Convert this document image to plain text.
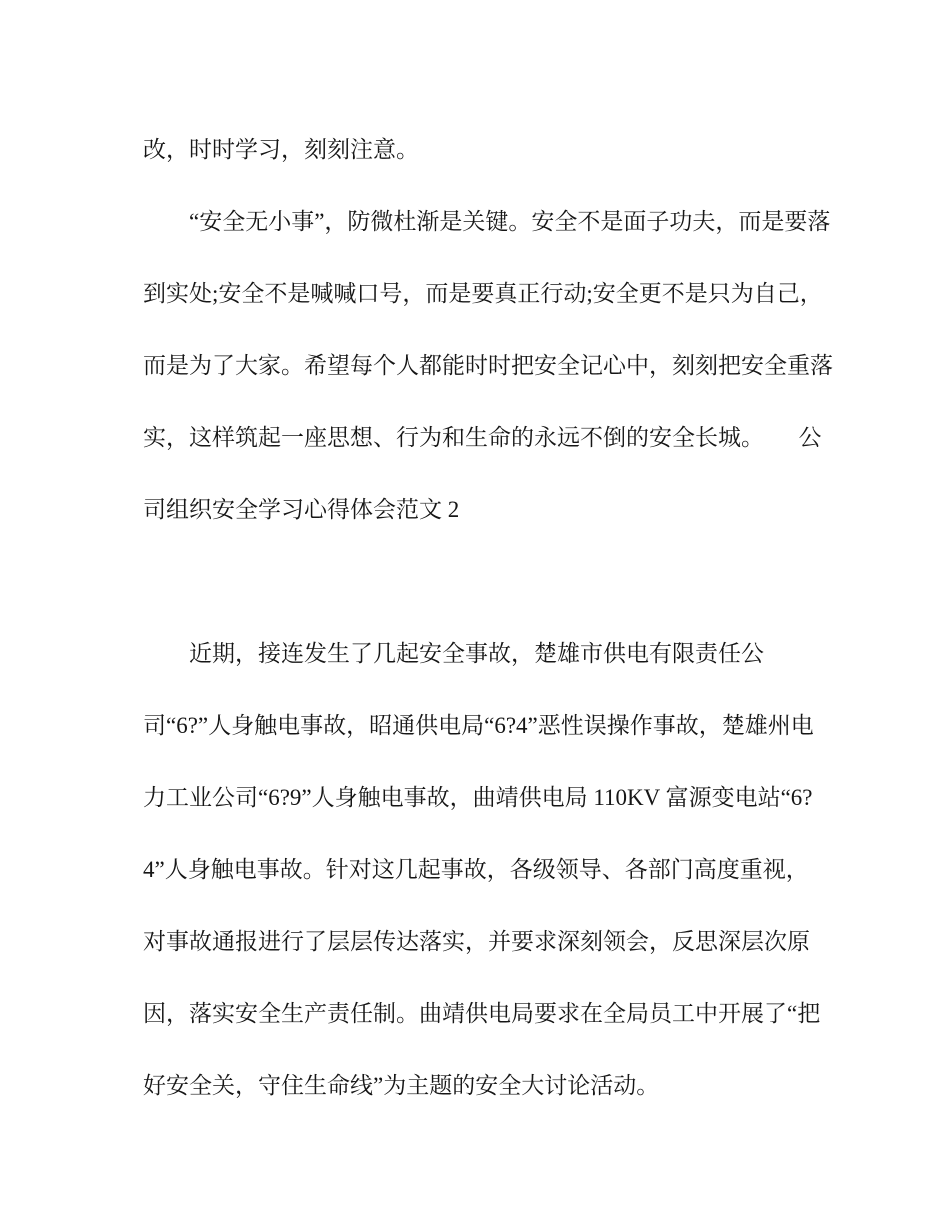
改，时时学习，刻刻注意。
　　“安全无小事”，防微杜渐是关键。安全不是面子功夫，而是要落
到实处;安全不是喊喊口号，而是要真正行动;安全更不是只为自己，
而是为了大家。希望每个人都能时时把安全记心中，刻刻把安全重落
实，这样筑起一座思想、行为和生命的永远不倒的安全长城。　　公
司组织安全学习心得体会范文 2
　　近期，接连发生了几起安全事故，楚雄市供电有限责任公
司“6?”人身触电事故，昭通供电局“6?4”恶性误操作事故，楚雄州电
力工业公司“6?9”人身触电事故，曲靖供电局 110KV 富源变电站“6?
4”人身触电事故。针对这几起事故，各级领导、各部门高度重视，
对事故通报进行了层层传达落实，并要求深刻领会，反思深层次原
因，落实安全生产责任制。曲靖供电局要求在全局员工中开展了“把
好安全关，守住生命线”为主题的安全大讨论活动。
